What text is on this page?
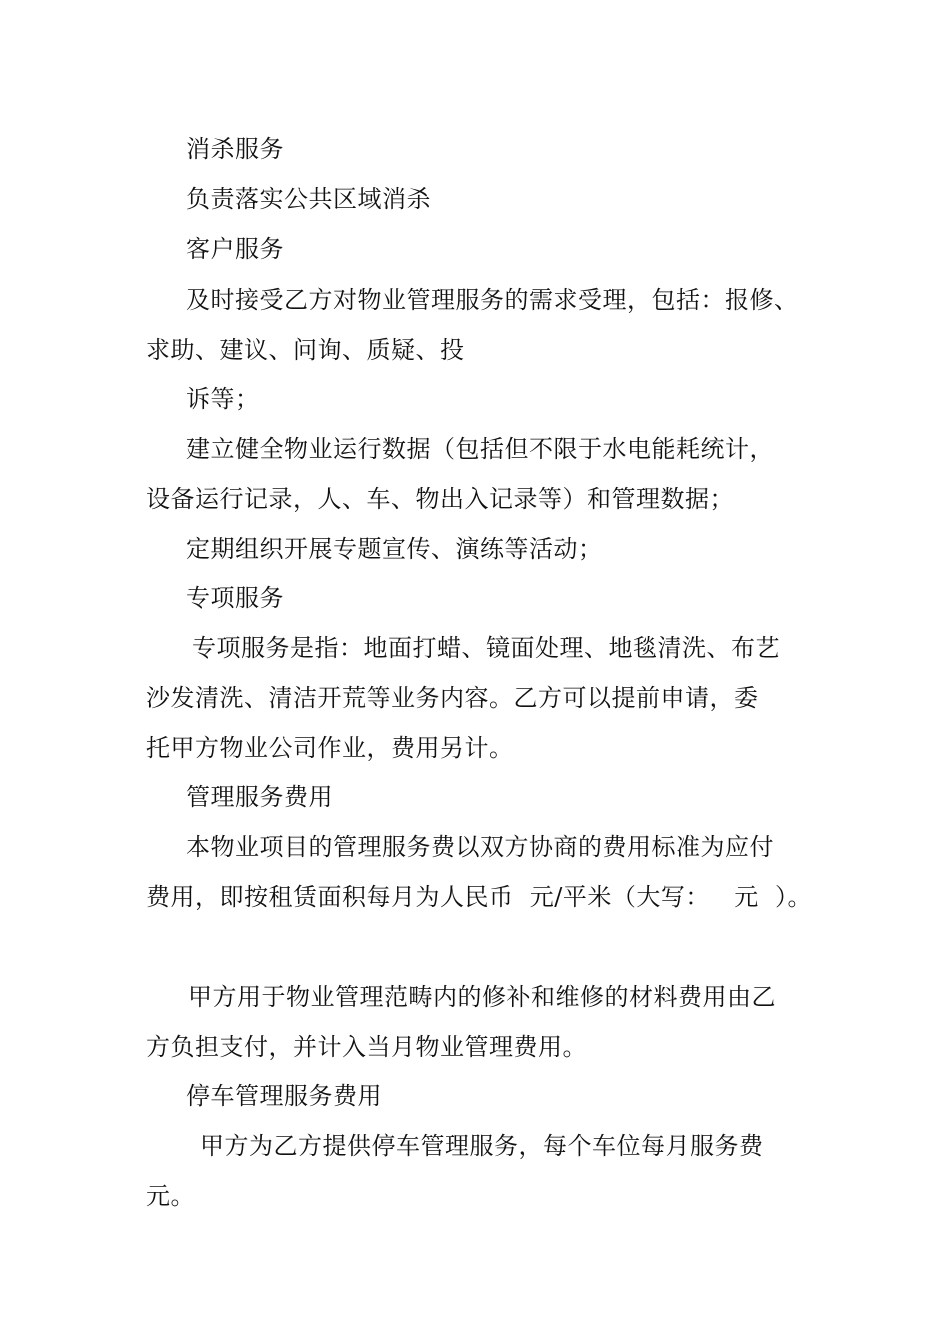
消杀服务
负责落实公共区域消杀
客户服务
及时接受乙方对物业管理服务的需求受理，包括：报修、
求助、建议、问询、质疑、投
诉等；
建立健全物业运行数据（包括但不限于水电能耗统计，
设备运行记录，人、车、物出入记录等）和管理数据；
定期组织开展专题宣传、演练等活动；
专项服务
专项服务是指：地面打蜡、镜面处理、地毯清洗、布艺
沙发清洗、清洁开荒等业务内容。乙方可以提前申请，委
托甲方物业公司作业，费用另计。
管理服务费用
本物业项目的管理服务费以双方协商的费用标准为应付
费用，即按租赁面积每月为人民币  元/平米（大写：   元  ）。
甲方用于物业管理范畴内的修补和维修的材料费用由乙
方负担支付，并计入当月物业管理费用。
停车管理服务费用
甲方为乙方提供停车管理服务，每个车位每月服务费
元。
